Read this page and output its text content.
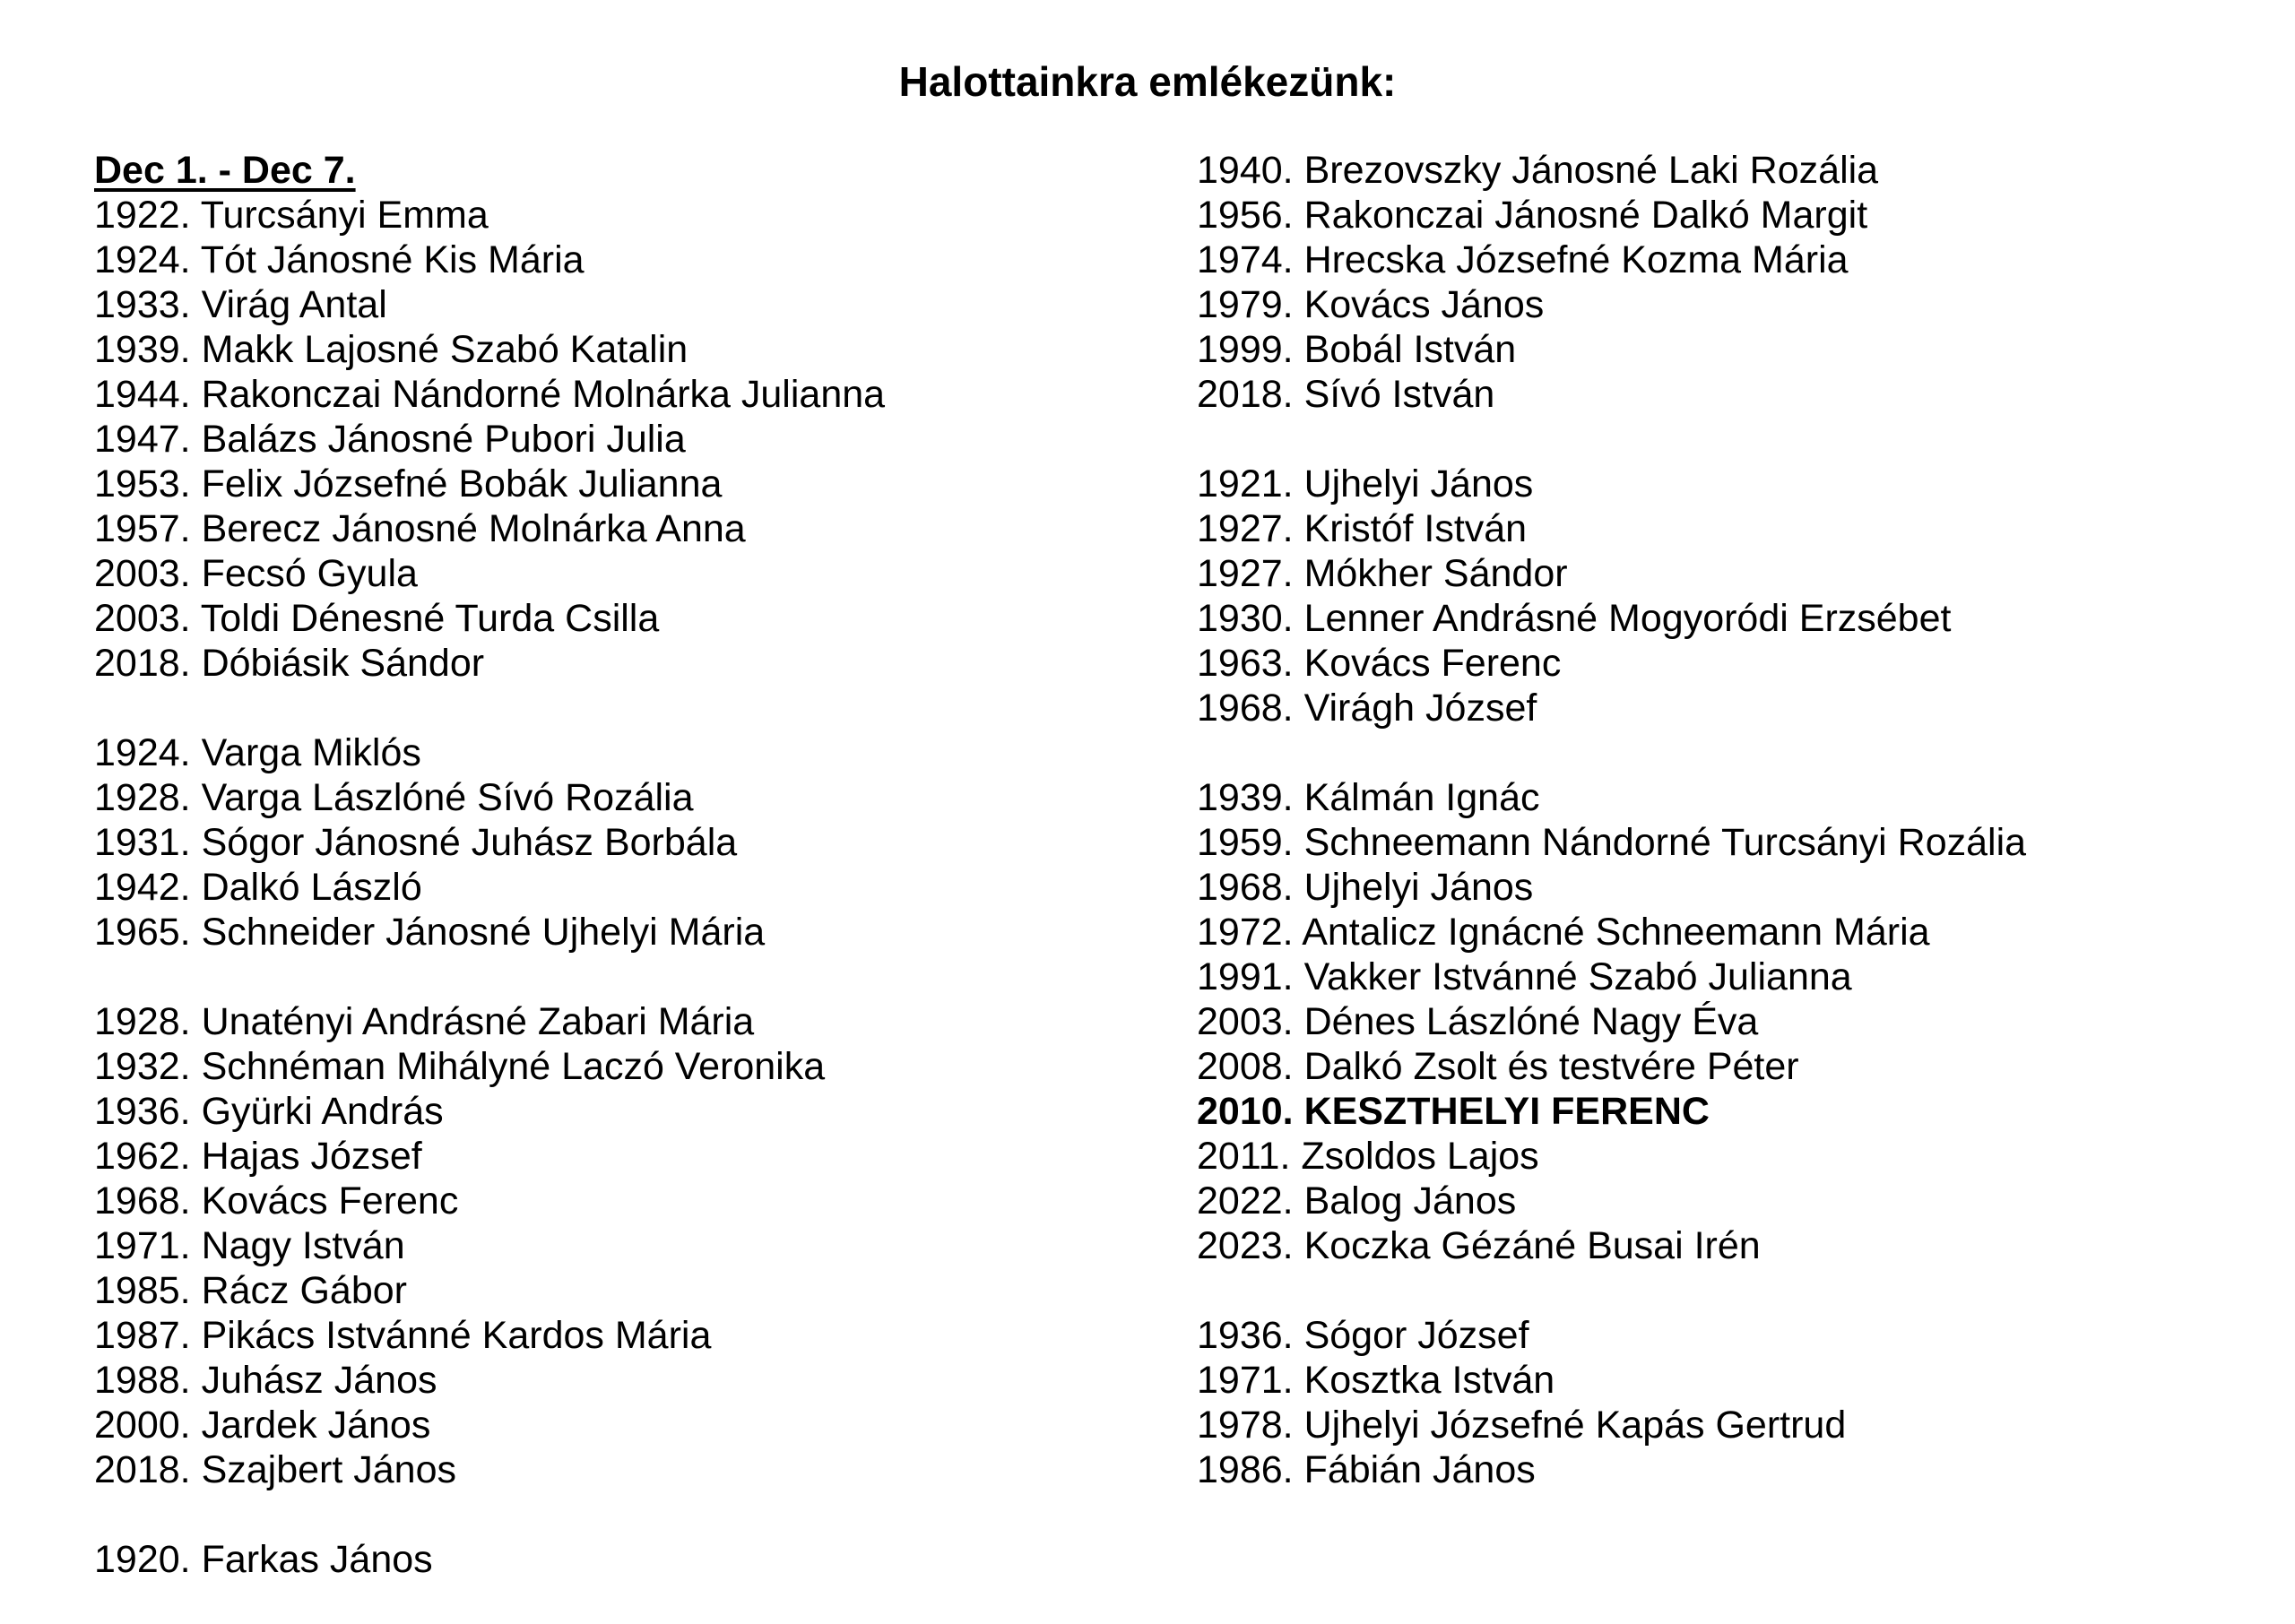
Halottainkra emlékezünk:
Dec 1. - Dec 7.
1922. Turcsányi Emma
1924. Tót Jánosné Kis Mária
1933. Virág Antal
1939. Makk Lajosné Szabó Katalin
1944. Rakonczai Nándorné Molnárka Julianna
1947. Balázs Jánosné Pubori Julia
1953. Felix Józsefné Bobák Julianna
1957. Berecz Jánosné Molnárka Anna
2003. Fecsó Gyula
2003. Toldi Dénesné Turda Csilla
2018. Dóbiásik Sándor
1924. Varga Miklós
1928. Varga Lászlóné Sívó Rozália
1931. Sógor Jánosné Juhász Borbála
1942. Dalkó László
1965. Schneider Jánosné Ujhelyi Mária
1928. Unatényi Andrásné Zabari Mária
1932. Schnéman Mihályné Laczó Veronika
1936. Gyürki András
1962. Hajas József
1968. Kovács Ferenc
1971. Nagy István
1985. Rácz Gábor
1987. Pikács Istvánné Kardos Mária
1988. Juhász János
2000. Jardek János
2018. Szajbert János
1920. Farkas János
1940. Brezovszky Jánosné Laki Rozália
1956. Rakonczai Jánosné Dalkó Margit
1974. Hrecska Józsefné Kozma Mária
1979. Kovács János
1999. Bobál István
2018. Sívó István
1921. Ujhelyi János
1927. Kristóf István
1927. Mókher Sándor
1930. Lenner Andrásné Mogyoródi Erzsébet
1963. Kovács Ferenc
1968. Virágh József
1939. Kálmán Ignác
1959. Schneemann Nándorné Turcsányi Rozália
1968. Ujhelyi János
1972. Antalicz Ignácné Schneemann Mária
1991. Vakker Istvánné Szabó Julianna
2003. Dénes Lászlóné Nagy Éva
2008. Dalkó Zsolt és testvére Péter
2010. KESZTHELYI FERENC
2011. Zsoldos Lajos
2022. Balog János
2023. Koczka Gézáné Busai Irén
1936. Sógor József
1971. Kosztka István
1978. Ujhelyi Józsefné Kapás Gertrud
1986. Fábián János
